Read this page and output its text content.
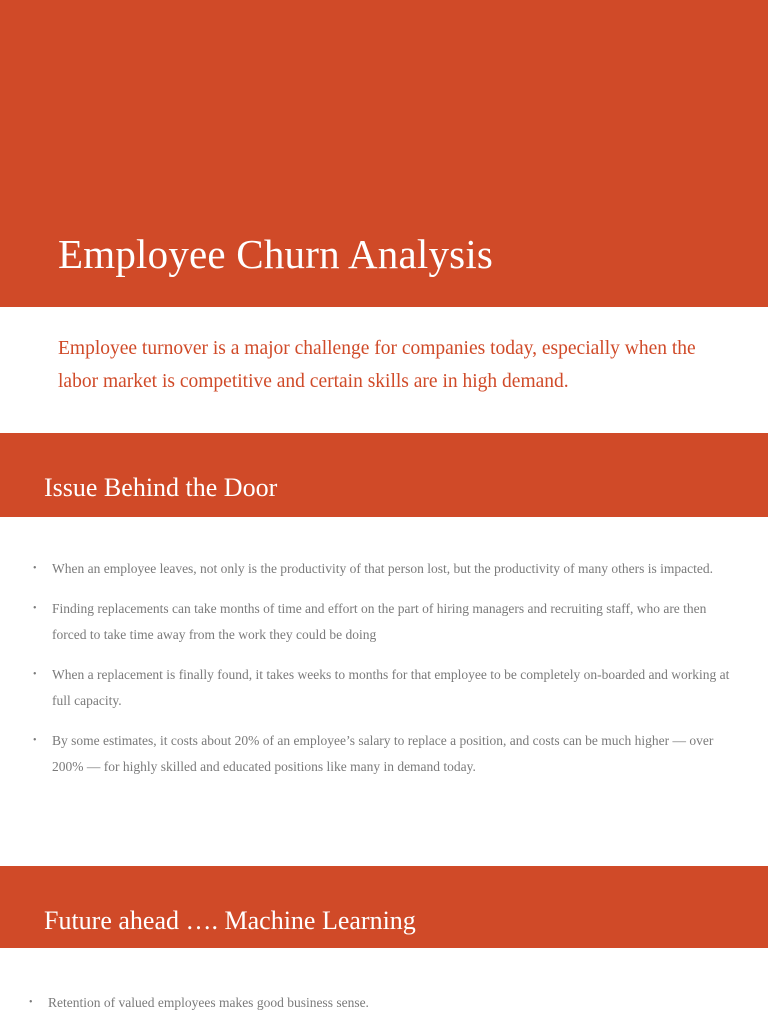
Employee Churn Analysis

Employee turnover is a major challenge for companies today, especially when the labor market is competitive and certain skills are in high demand.

Issue Behind the Door
• When an employee leaves, not only is the productivity of that person lost, but the productivity of many others is impacted.
• Finding replacements can take months of time and effort on the part of hiring managers and recruiting staff, who are then forced to take time away from the work they could be doing
• When a replacement is finally found, it takes weeks to months for that employee to be completely on-boarded and working at full capacity.
• By some estimates, it costs about 20% of an employee’s salary to replace a position, and costs can be much higher — over 200% — for highly skilled and educated positions like many in demand today.
Future ahead …. Machine Learning
• Retention of valued employees makes good business sense.
